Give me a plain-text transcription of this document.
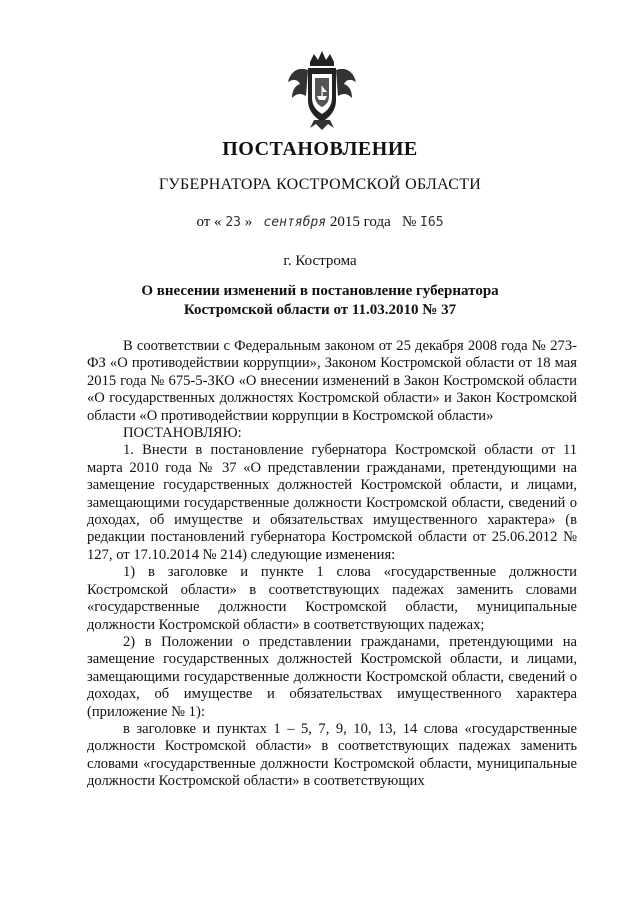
ПОСТАНОВЛЕНИЕ
ГУБЕРНАТОРА КОСТРОМСКОЙ ОБЛАСТИ
от « 23 » сентября 2015 года № I65
г. Кострома
О внесении изменений в постановление губернатора
Костромской области от 11.03.2010 № 37

В соответствии с Федеральным законом от 25 декабря 2008 года № 273-ФЗ «О противодействии коррупции», Законом Костромской области от 18 мая 2015 года № 675-5-ЗКО «О внесении изменений в Закон Костромской области «О государственных должностях Костромской области» и Закон Костромской области «О противодействии коррупции в Костромской области»

ПОСТАНОВЛЯЮ:

1. Внести в постановление губернатора Костромской области от 11 марта 2010 года № 37 «О представлении гражданами, претендующими на замещение государственных должностей Костромской области, и лицами, замещающими государственные должности Костромской области, сведений о доходах, об имуществе и обязательствах имущественного характера» (в редакции постановлений губернатора Костромской области от 25.06.2012 № 127, от 17.10.2014 № 214) следующие изменения:

1) в заголовке и пункте 1 слова «государственные должности Костромской области» в соответствующих падежах заменить словами «государственные должности Костромской области, муниципальные должности Костромской области» в соответствующих падежах;

2) в Положении о представлении гражданами, претендующими на замещение государственных должностей Костромской области, и лицами, замещающими государственные должности Костромской области, сведений о доходах, об имуществе и обязательствах имущественного характера (приложение № 1):

в заголовке и пунктах 1 – 5, 7, 9, 10, 13, 14 слова «государственные должности Костромской области» в соответствующих падежах заменить словами «государственные должности Костромской области, муниципальные должности Костромской области» в соответствующих
